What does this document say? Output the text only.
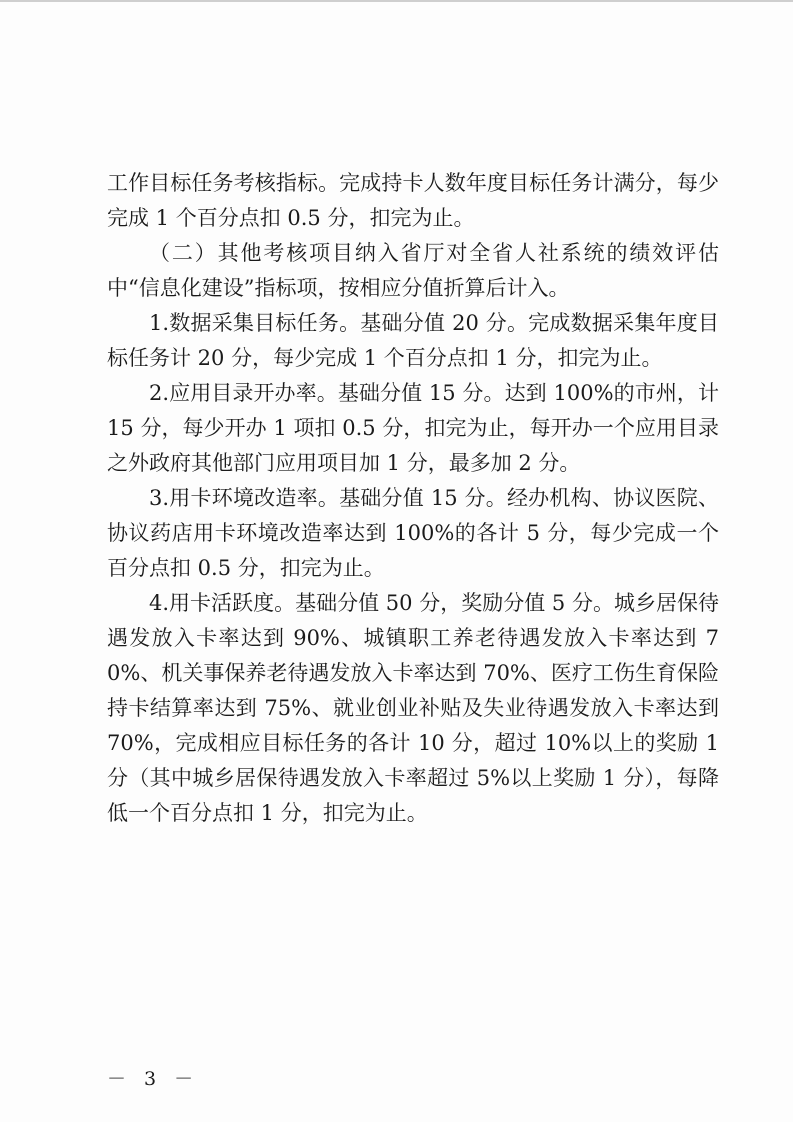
工作目标任务考核指标。完成持卡人数年度目标任务计满分，每少完成 1 个百分点扣 0.5 分，扣完为止。

（二）其他考核项目纳入省厅对全省人社系统的绩效评估中“信息化建设”指标项，按相应分值折算后计入。

1.数据采集目标任务。基础分值 20 分。完成数据采集年度目标任务计 20 分，每少完成 1 个百分点扣 1 分，扣完为止。

2.应用目录开办率。基础分值 15 分。达到 100%的市州，计 15 分，每少开办 1 项扣 0.5 分，扣完为止，每开办一个应用目录之外政府其他部门应用项目加 1 分，最多加 2 分。

3.用卡环境改造率。基础分值 15 分。经办机构、协议医院、协议药店用卡环境改造率达到 100%的各计 5 分，每少完成一个百分点扣 0.5 分，扣完为止。

4.用卡活跃度。基础分值 50 分，奖励分值 5 分。城乡居保待遇发放入卡率达到 90%、城镇职工养老待遇发放入卡率达到 70%、机关事保养老待遇发放入卡率达到 70%、医疗工伤生育保险持卡结算率达到 75%、就业创业补贴及失业待遇发放入卡率达到 70%，完成相应目标任务的各计 10 分，超过 10%以上的奖励 1 分（其中城乡居保待遇发放入卡率超过 5%以上奖励 1 分），每降低一个百分点扣 1 分，扣完为止。

－ 3 －
